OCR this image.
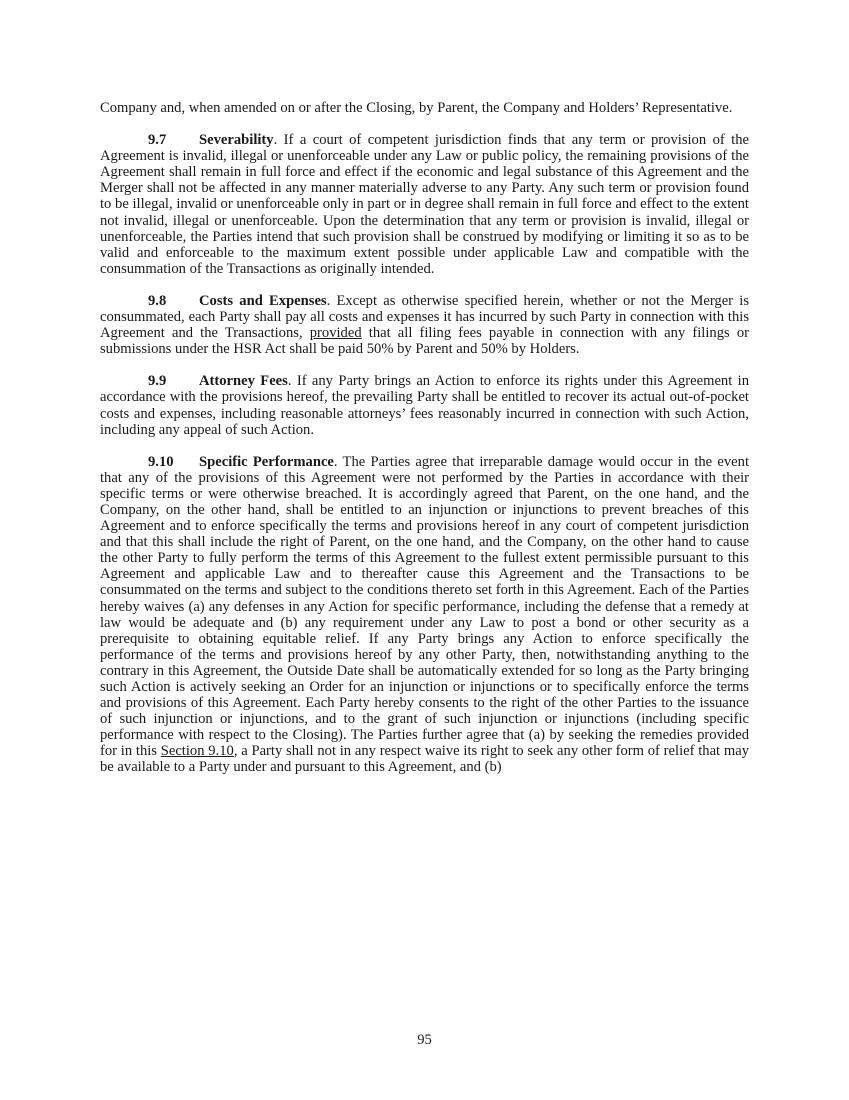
Company and, when amended on or after the Closing, by Parent, the Company and Holders’ Representative.

9.7 Severability. If a court of competent jurisdiction finds that any term or provision of the Agreement is invalid, illegal or unenforceable under any Law or public policy, the remaining provisions of the Agreement shall remain in full force and effect if the economic and legal substance of this Agreement and the Merger shall not be affected in any manner materially adverse to any Party. Any such term or provision found to be illegal, invalid or unenforceable only in part or in degree shall remain in full force and effect to the extent not invalid, illegal or unenforceable. Upon the determination that any term or provision is invalid, illegal or unenforceable, the Parties intend that such provision shall be construed by modifying or limiting it so as to be valid and enforceable to the maximum extent possible under applicable Law and compatible with the consummation of the Transactions as originally intended.

9.8 Costs and Expenses. Except as otherwise specified herein, whether or not the Merger is consummated, each Party shall pay all costs and expenses it has incurred by such Party in connection with this Agreement and the Transactions, provided that all filing fees payable in connection with any filings or submissions under the HSR Act shall be paid 50% by Parent and 50% by Holders.

9.9 Attorney Fees. If any Party brings an Action to enforce its rights under this Agreement in accordance with the provisions hereof, the prevailing Party shall be entitled to recover its actual out-of-pocket costs and expenses, including reasonable attorneys’ fees reasonably incurred in connection with such Action, including any appeal of such Action.

9.10 Specific Performance. The Parties agree that irreparable damage would occur in the event that any of the provisions of this Agreement were not performed by the Parties in accordance with their specific terms or were otherwise breached. It is accordingly agreed that Parent, on the one hand, and the Company, on the other hand, shall be entitled to an injunction or injunctions to prevent breaches of this Agreement and to enforce specifically the terms and provisions hereof in any court of competent jurisdiction and that this shall include the right of Parent, on the one hand, and the Company, on the other hand to cause the other Party to fully perform the terms of this Agreement to the fullest extent permissible pursuant to this Agreement and applicable Law and to thereafter cause this Agreement and the Transactions to be consummated on the terms and subject to the conditions thereto set forth in this Agreement. Each of the Parties hereby waives (a) any defenses in any Action for specific performance, including the defense that a remedy at law would be adequate and (b) any requirement under any Law to post a bond or other security as a prerequisite to obtaining equitable relief. If any Party brings any Action to enforce specifically the performance of the terms and provisions hereof by any other Party, then, notwithstanding anything to the contrary in this Agreement, the Outside Date shall be automatically extended for so long as the Party bringing such Action is actively seeking an Order for an injunction or injunctions or to specifically enforce the terms and provisions of this Agreement. Each Party hereby consents to the right of the other Parties to the issuance of such injunction or injunctions, and to the grant of such injunction or injunctions (including specific performance with respect to the Closing). The Parties further agree that (a) by seeking the remedies provided for in this Section 9.10, a Party shall not in any respect waive its right to seek any other form of relief that may be available to a Party under and pursuant to this Agreement, and (b)

95
